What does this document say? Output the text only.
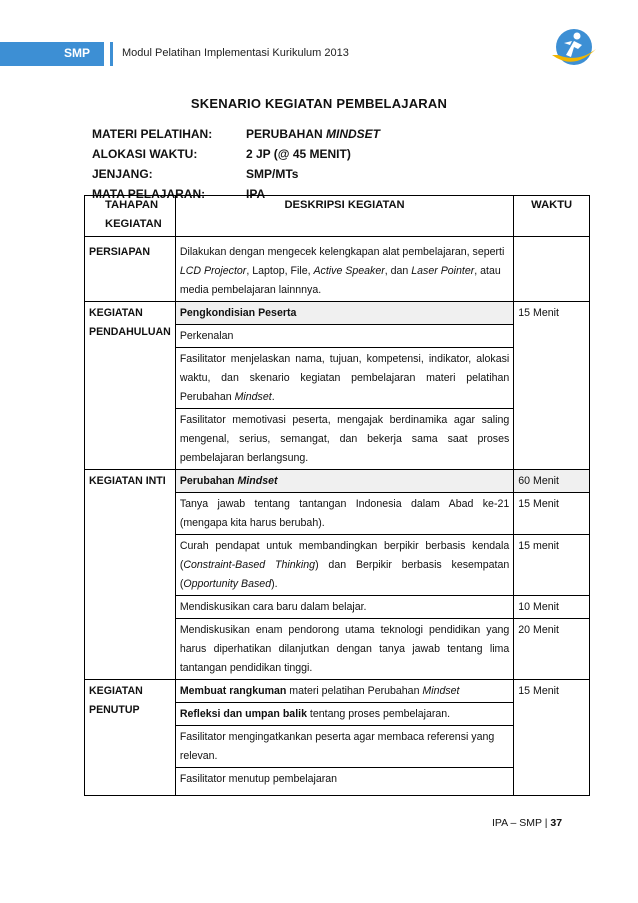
SMP	Modul Pelatihan Implementasi Kurikulum 2013
SKENARIO KEGIATAN PEMBELAJARAN
MATERI PELATIHAN:	PERUBAHAN MINDSET
ALOKASI WAKTU:	2 JP (@ 45 MENIT)
JENJANG:	SMP/MTs
MATA PELAJARAN:	IPA
TAHAPAN
KEGIATAN	DESKRIPSI KEGIATAN	WAKTU
PERSIAPAN	Dilakukan dengan mengecek kelengkapan alat pembelajaran, seperti LCD Projector, Laptop, File, Active Speaker, dan Laser Pointer, atau media pembelajaran lainnnya.	
KEGIATAN
PENDAHULUAN	Pengkondisian Peserta	15 Menit
	Perkenalan	
	Fasilitator menjelaskan nama, tujuan, kompetensi, indikator, alokasi waktu, dan skenario kegiatan pembelajaran materi pelatihan Perubahan Mindset.	
	Fasilitator memotivasi peserta, mengajak berdinamika agar saling mengenal, serius, semangat, dan bekerja sama saat proses pembelajaran berlangsung.	
KEGIATAN INTI	Perubahan Mindset	60 Menit
	Tanya jawab tentang tantangan Indonesia dalam Abad ke-21 (mengapa kita harus berubah).	15 Menit
	Curah pendapat untuk membandingkan berpikir berbasis kendala (Constraint-Based Thinking) dan Berpikir berbasis kesempatan (Opportunity Based).	15 menit
	Mendiskusikan cara baru dalam belajar.	10 Menit
	Mendiskusikan enam pendorong utama teknologi pendidikan yang harus diperhatikan dilanjutkan dengan tanya jawab tentang lima tantangan pendidikan tinggi.	20 Menit
KEGIATAN
PENUTUP	Membuat rangkuman materi pelatihan Perubahan Mindset	15 Menit
	Refleksi dan umpan balik tentang proses pembelajaran.	
	Fasilitator mengingatkankan peserta agar membaca referensi yang relevan.	
	Fasilitator menutup pembelajaran	
IPA – SMP | 37
